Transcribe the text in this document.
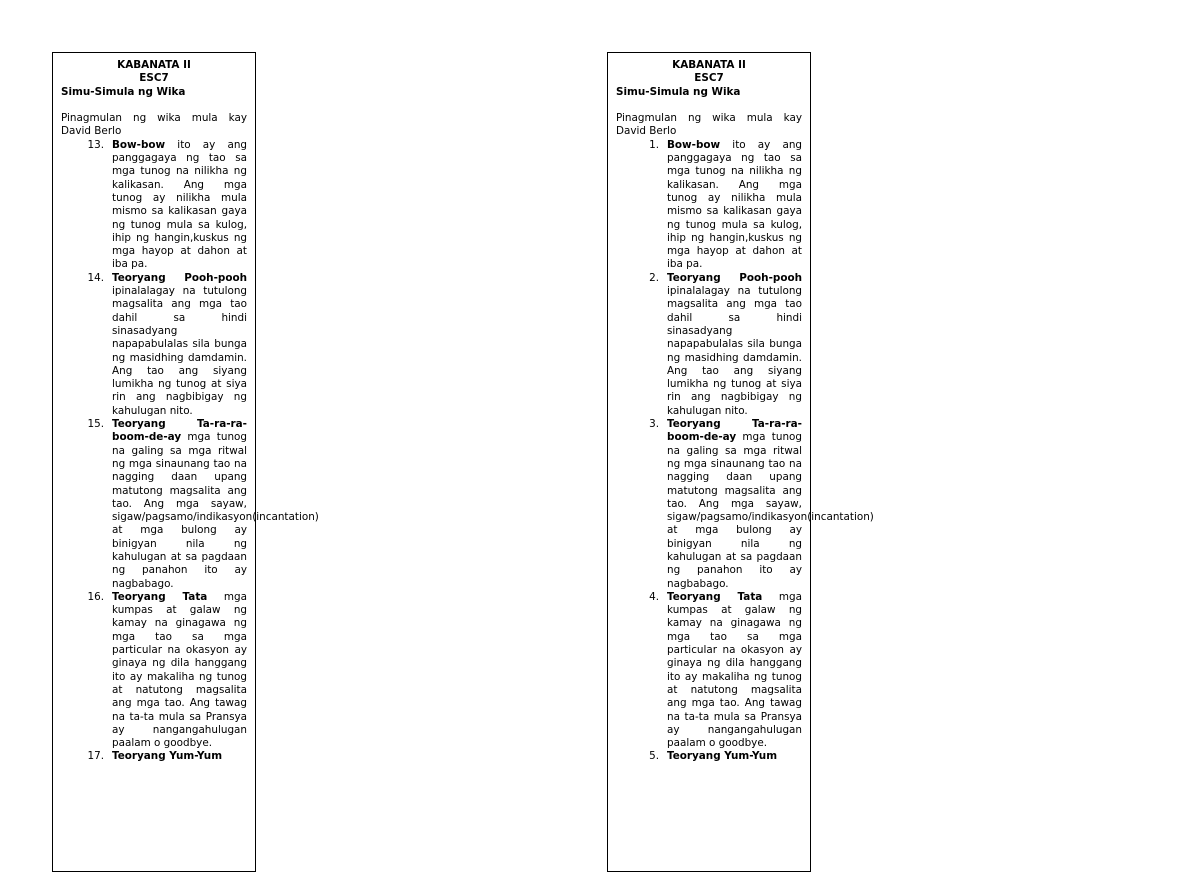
KABANATA II
ESC7
Simu-Simula ng Wika
Pinagmulan ng wika mula kay David Berlo
13. Bow-bow ito ay ang panggagaya ng tao sa mga tunog na nilikha ng kalikasan. Ang mga tunog ay nilikha mula mismo sa kalikasan gaya ng tunog mula sa kulog, ihip ng hangin,kuskus ng mga hayop at dahon at iba pa.
14. Teoryang Pooh-pooh ipinalalagay na tutulong magsalita ang mga tao dahil sa hindi sinasadyang napapabulalas sila bunga ng masidhing damdamin. Ang tao ang siyang lumikha ng tunog at siya rin ang nagbibigay ng kahulugan nito.
15. Teoryang Ta-ra-ra-boom-de-ay mga tunog na galing sa mga ritwal ng mga sinaunang tao na nagging daan upang matutong magsalita ang tao. Ang mga sayaw, sigaw/pagsamo/indikasyon(incantation) at mga bulong ay binigyan nila ng kahulugan at sa pagdaan ng panahon ito ay nagbabago.
16. Teoryang Tata mga kumpas at galaw ng kamay na ginagawa ng mga tao sa mga particular na okasyon ay ginaya ng dila hanggang ito ay makaliha ng tunog at natutong magsalita ang mga tao. Ang tawag na ta-ta mula sa Pransya ay nangangahulugan paalam o goodbye.
17. Teoryang Yum-Yum
KABANATA II
ESC7
Simu-Simula ng Wika
Pinagmulan ng wika mula kay David Berlo
1. Bow-bow ito ay ang panggagaya ng tao sa mga tunog na nilikha ng kalikasan. Ang mga tunog ay nilikha mula mismo sa kalikasan gaya ng tunog mula sa kulog, ihip ng hangin,kuskus ng mga hayop at dahon at iba pa.
2. Teoryang Pooh-pooh ipinalalagay na tutulong magsalita ang mga tao dahil sa hindi sinasadyang napapabulalas sila bunga ng masidhing damdamin. Ang tao ang siyang lumikha ng tunog at siya rin ang nagbibigay ng kahulugan nito.
3. Teoryang Ta-ra-ra-boom-de-ay mga tunog na galing sa mga ritwal ng mga sinaunang tao na nagging daan upang matutong magsalita ang tao. Ang mga sayaw, sigaw/pagsamo/indikasyon(incantation) at mga bulong ay binigyan nila ng kahulugan at sa pagdaan ng panahon ito ay nagbabago.
4. Teoryang Tata mga kumpas at galaw ng kamay na ginagawa ng mga tao sa mga particular na okasyon ay ginaya ng dila hanggang ito ay makaliha ng tunog at natutong magsalita ang mga tao. Ang tawag na ta-ta mula sa Pransya ay nangangahulugan paalam o goodbye.
5. Teoryang Yum-Yum
